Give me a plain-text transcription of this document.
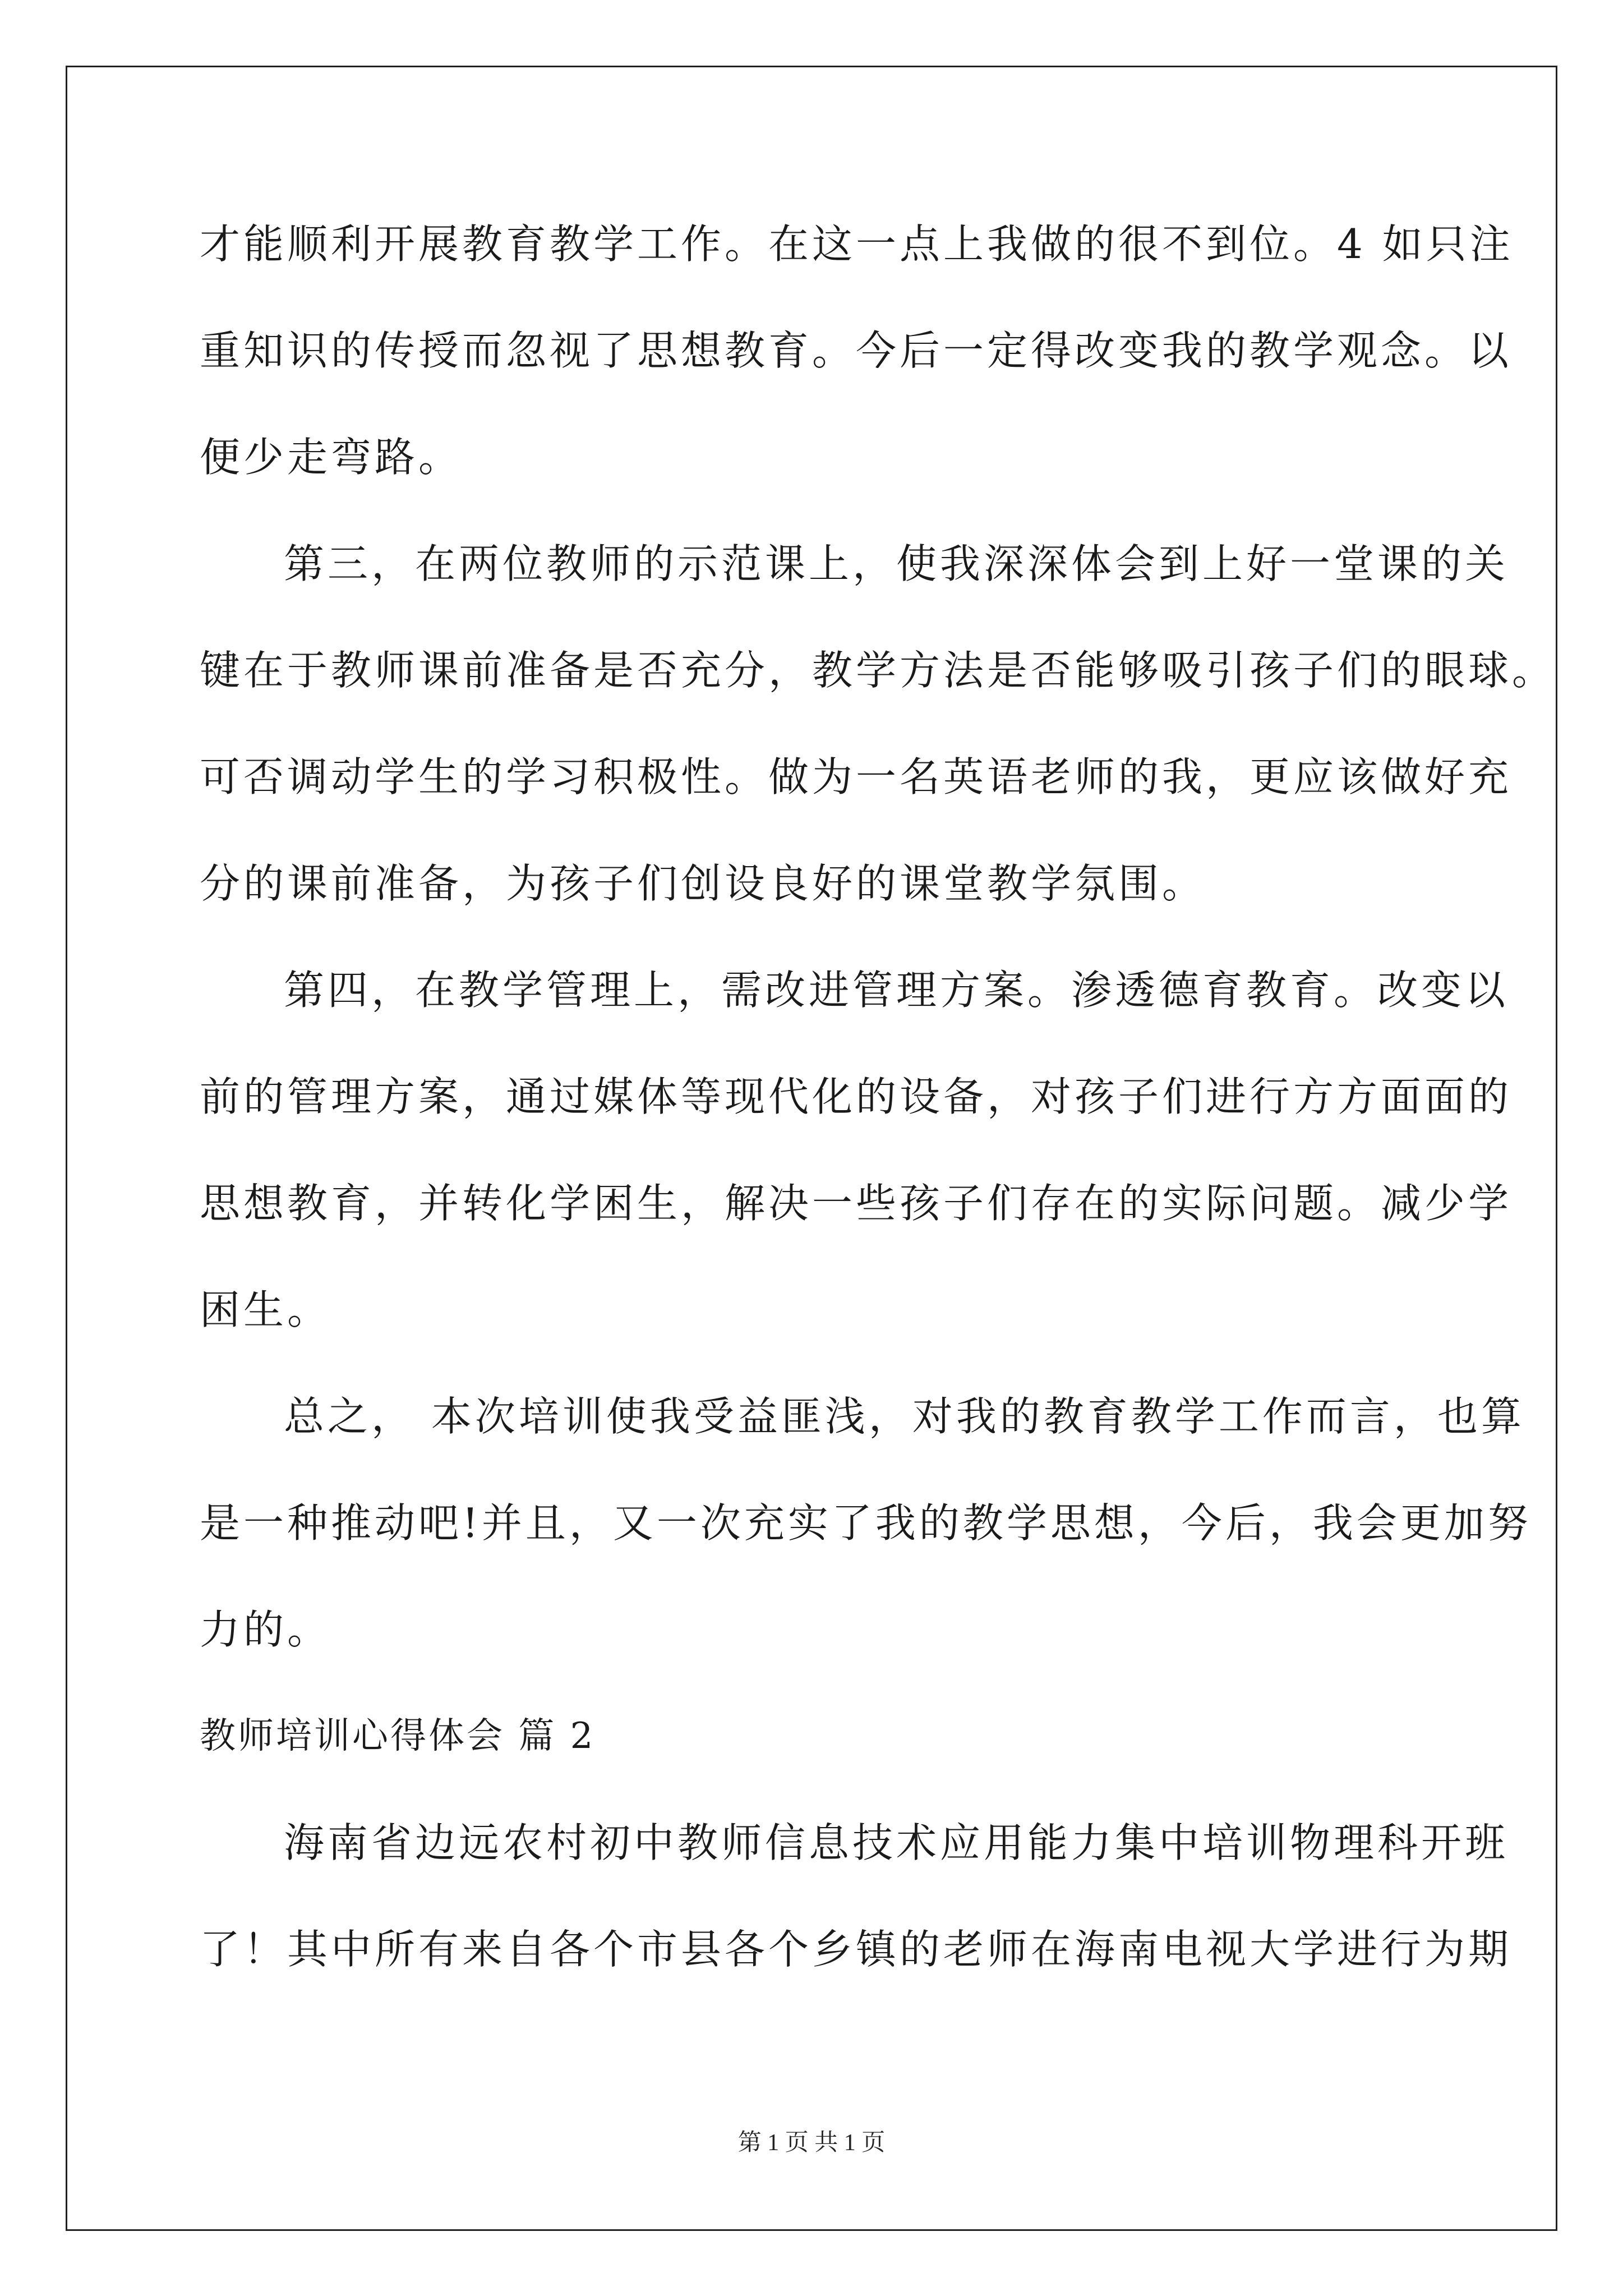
才能顺利开展教育教学工作。在这一点上我做的很不到位。4 如只注
重知识的传授而忽视了思想教育。今后一定得改变我的教学观念。以
便少走弯路。
第三，在两位教师的示范课上，使我深深体会到上好一堂课的关
键在于教师课前准备是否充分，教学方法是否能够吸引孩子们的眼球。
可否调动学生的学习积极性。做为一名英语老师的我，更应该做好充
分的课前准备，为孩子们创设良好的课堂教学氛围。
第四，在教学管理上，需改进管理方案。渗透德育教育。改变以
前的管理方案，通过媒体等现代化的设备，对孩子们进行方方面面的
思想教育，并转化学困生，解决一些孩子们存在的实际问题。减少学
困生。
总之， 本次培训使我受益匪浅，对我的教育教学工作而言，也算
是一种推动吧!并且，又一次充实了我的教学思想，今后，我会更加努
力的。
教师培训心得体会 篇 2
海南省边远农村初中教师信息技术应用能力集中培训物理科开班
了！其中所有来自各个市县各个乡镇的老师在海南电视大学进行为期
第 1 页 共 1 页
